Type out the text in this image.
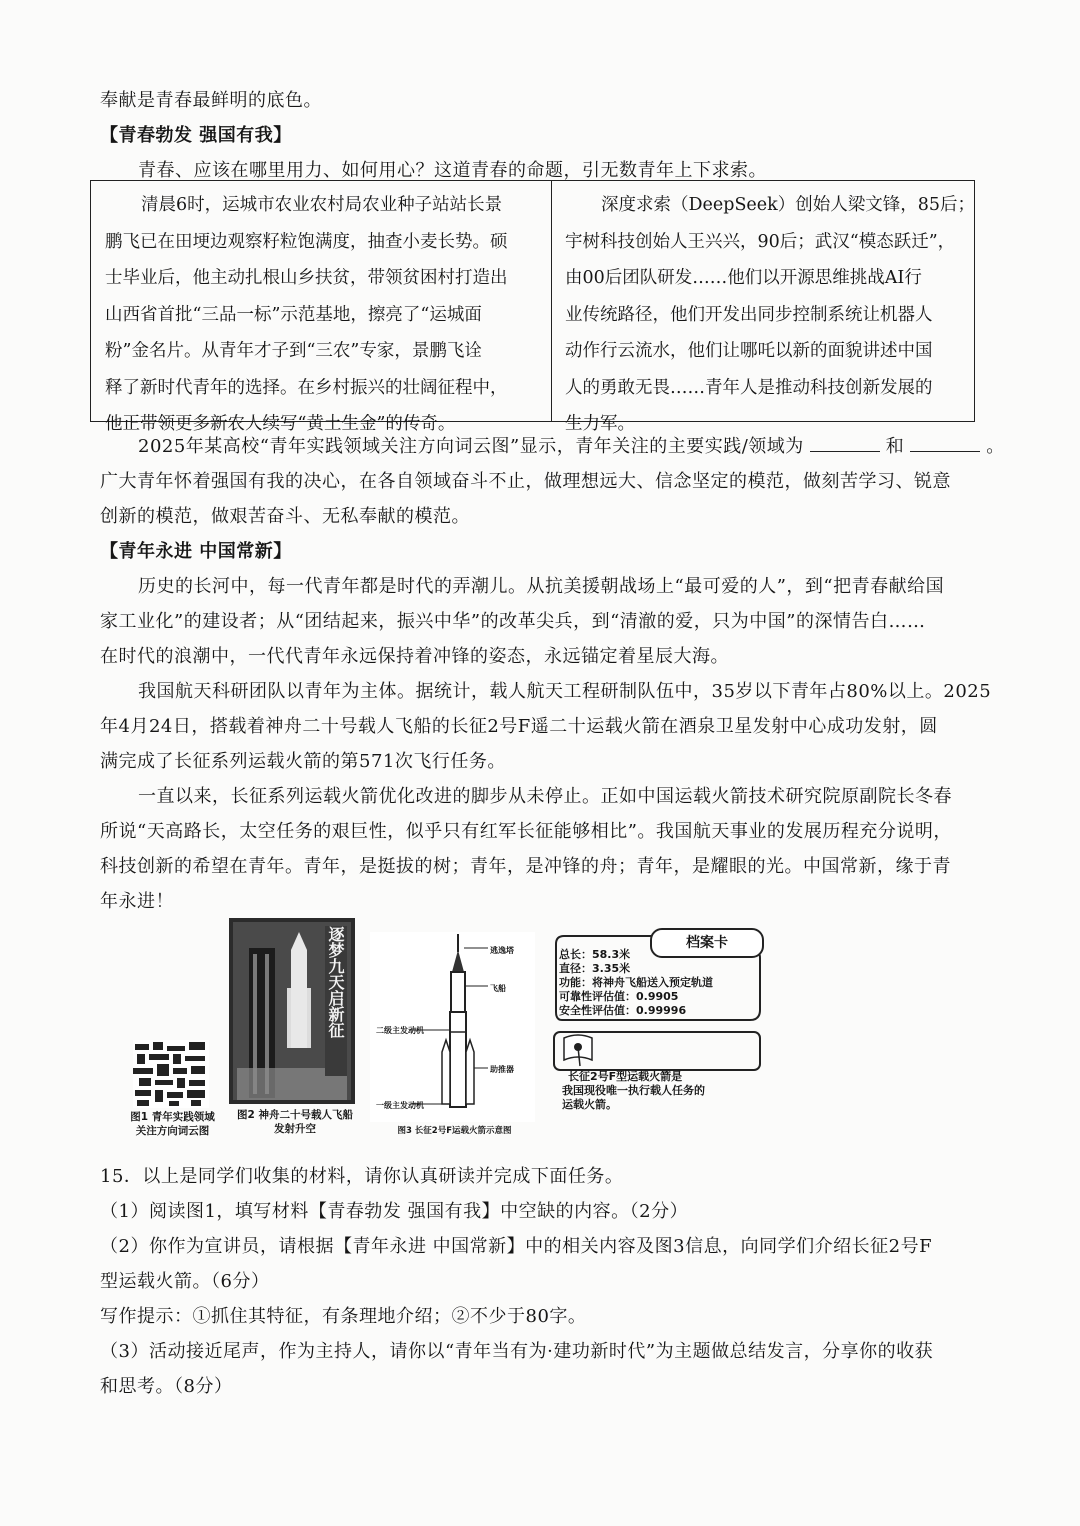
奉献是青春最鲜明的底色。
【青春勃发 强国有我】
青春、应该在哪里用力、如何用心？这道青春的命题，引无数青年上下求索。
清晨6时，运城市农业农村局农业种子站站长景
鹏飞已在田埂边观察籽粒饱满度，抽查小麦长势。硕
士毕业后，他主动扎根山乡扶贫，带领贫困村打造出
山西省首批“三品一标”示范基地，擦亮了“运城面
粉”金名片。从青年才子到“三农”专家，景鹏飞诠
释了新时代青年的选择。在乡村振兴的壮阔征程中，
他正带领更多新农人续写“黄土生金”的传奇。
深度求索（DeepSeek）创始人梁文锋，85后；
宇树科技创始人王兴兴，90后；武汉“模态跃迁”，
由00后团队研发……他们以开源思维挑战AI行
业传统路径，他们开发出同步控制系统让机器人
动作行云流水，他们让哪吒以新的面貌讲述中国
人的勇敢无畏……青年人是推动科技创新发展的
生力军。
2025年某高校“青年实践领域关注方向词云图”显示，青年关注的主要实践/领域为	和	。
广大青年怀着强国有我的决心，在各自领域奋斗不止，做理想远大、信念坚定的模范，做刻苦学习、锐意
创新的模范，做艰苦奋斗、无私奉献的模范。
【青年永进 中国常新】
历史的长河中，每一代青年都是时代的弄潮儿。从抗美援朝战场上“最可爱的人”，到“把青春献给国
家工业化”的建设者；从“团结起来，振兴中华”的改革尖兵，到“清澈的爱，只为中国”的深情告白……
在时代的浪潮中，一代代青年永远保持着冲锋的姿态，永远锚定着星辰大海。
我国航天科研团队以青年为主体。据统计，载人航天工程研制队伍中，35岁以下青年占80%以上。2025
年4月24日，搭载着神舟二十号载人飞船的长征2号F遥二十运载火箭在酒泉卫星发射中心成功发射，圆
满完成了长征系列运载火箭的第571次飞行任务。
一直以来，长征系列运载火箭优化改进的脚步从未停止。正如中国运载火箭技术研究院原副院长冬春
所说“天高路长，太空任务的艰巨性，似乎只有红军长征能够相比”。我国航天事业的发展历程充分说明，
科技创新的希望在青年。青年，是挺拔的树；青年，是冲锋的舟；青年，是耀眼的光。中国常新，缘于青
年永进！
图1 青年实践领域
关注方向词云图
逐梦九天启新征
图2 神舟二十号载人飞船
发射升空
逃逸塔
飞船
二级主发动机
助推器
一级主发动机
图3 长征2号F运载火箭示意图
档案卡
总长：58.3米
直径：3.35米
功能：将神舟飞船送入预定轨道
可靠性评估值：0.9905
安全性评估值：0.99996
长征2号F型运载火箭是
我国现役唯一执行载人任务的
运载火箭。
15．以上是同学们收集的材料，请你认真研读并完成下面任务。
（1）阅读图1，填写材料【青春勃发 强国有我】中空缺的内容。（2分）
（2）你作为宣讲员，请根据【青年永进 中国常新】中的相关内容及图3信息，向同学们介绍长征2号F
型运载火箭。（6分）
写作提示：①抓住其特征，有条理地介绍；②不少于80字。
（3）活动接近尾声，作为主持人，请你以“青年当有为·建功新时代”为主题做总结发言，分享你的收获
和思考。（8分）
